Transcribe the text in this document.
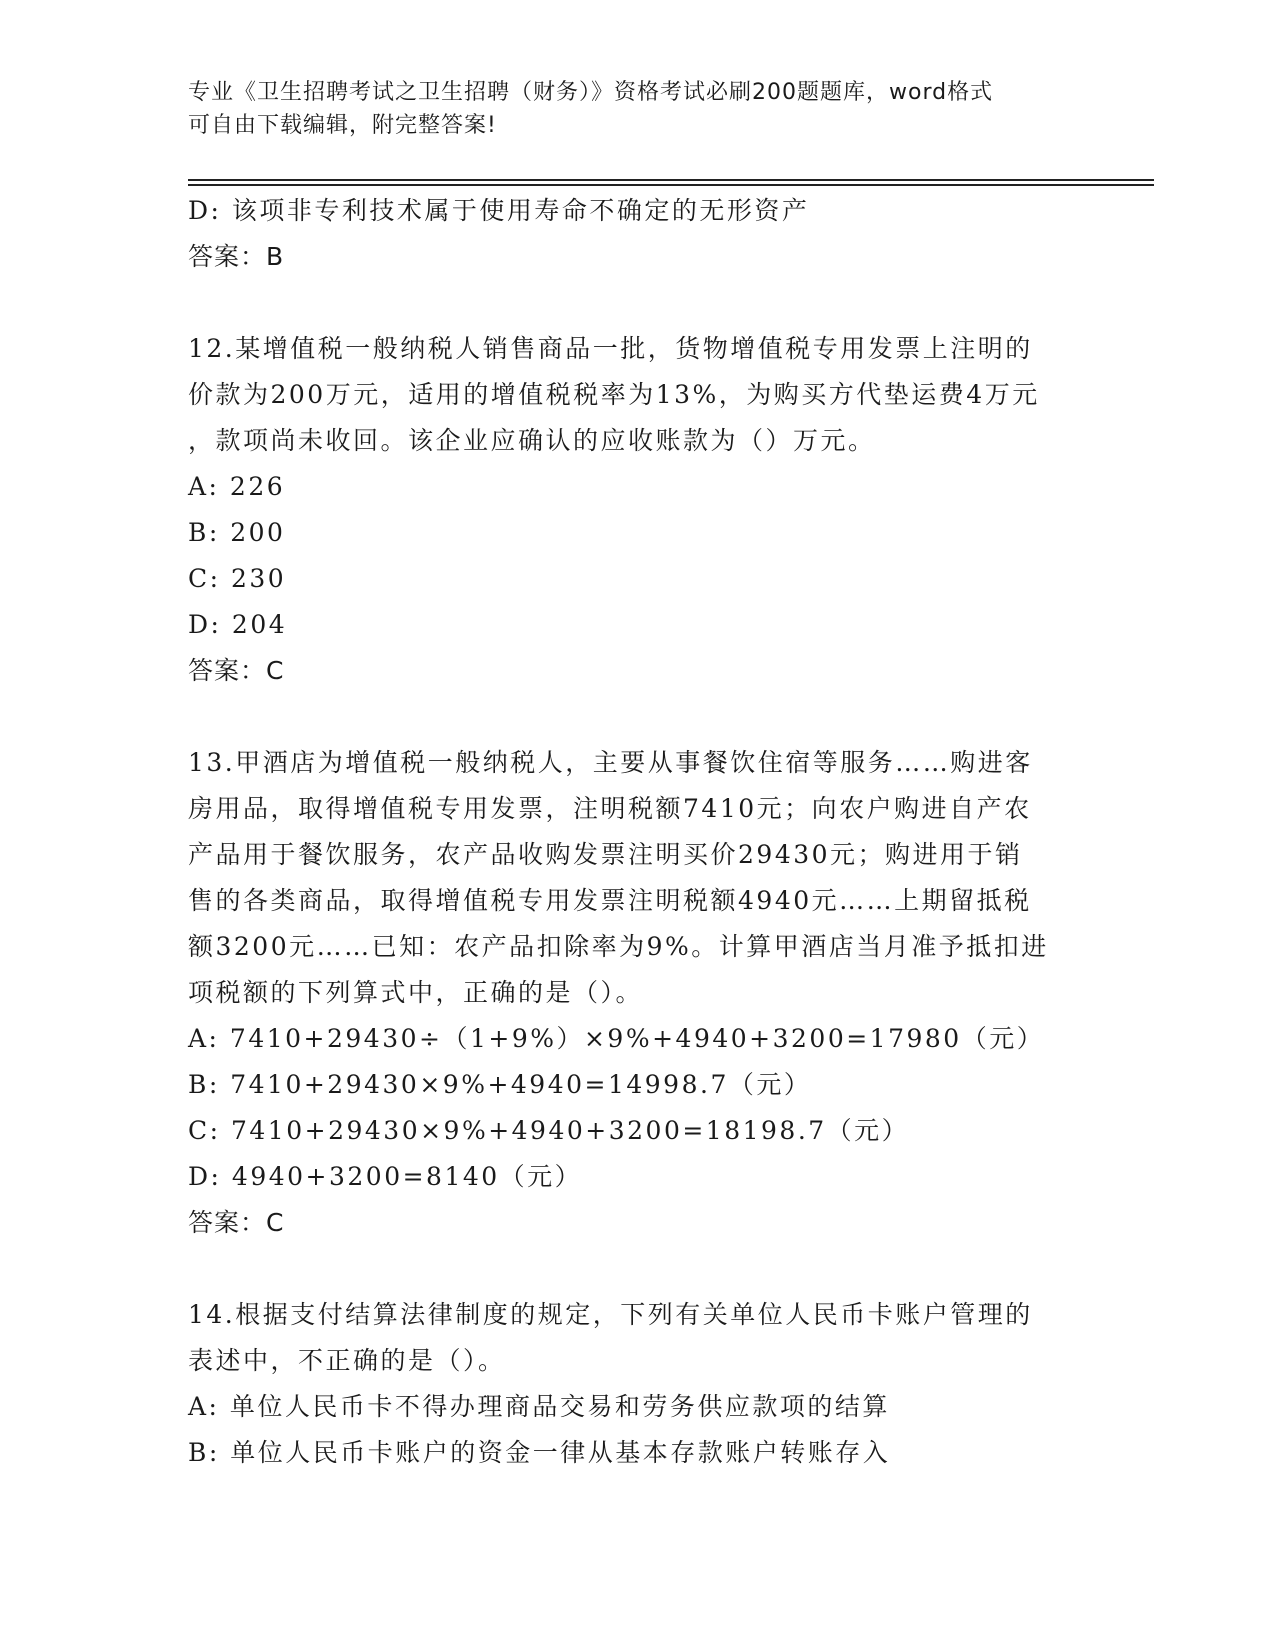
专业《卫生招聘考试之卫生招聘（财务）》资格考试必刷200题题库，word格式
可自由下载编辑，附完整答案!
D: 该项非专利技术属于使用寿命不确定的无形资产
答案：B
12.某增值税一般纳税人销售商品一批，货物增值税专用发票上注明的
价款为200万元，适用的增值税税率为13%，为购买方代垫运费4万元
，款项尚未收回。该企业应确认的应收账款为（）万元。
A: 226
B: 200
C: 230
D: 204
答案：C
13.甲酒店为增值税一般纳税人，主要从事餐饮住宿等服务……购进客
房用品，取得增值税专用发票，注明税额7410元；向农户购进自产农
产品用于餐饮服务，农产品收购发票注明买价29430元；购进用于销
售的各类商品，取得增值税专用发票注明税额4940元……上期留抵税
额3200元……已知：农产品扣除率为9%。计算甲酒店当月准予抵扣进
项税额的下列算式中，正确的是（）。
A: 7410+29430÷（1+9%）×9%+4940+3200=17980（元）
B: 7410+29430×9%+4940=14998.7（元）
C: 7410+29430×9%+4940+3200=18198.7（元）
D: 4940+3200=8140（元）
答案：C
14.根据支付结算法律制度的规定，下列有关单位人民币卡账户管理的
表述中，不正确的是（）。
A: 单位人民币卡不得办理商品交易和劳务供应款项的结算
B: 单位人民币卡账户的资金一律从基本存款账户转账存入
